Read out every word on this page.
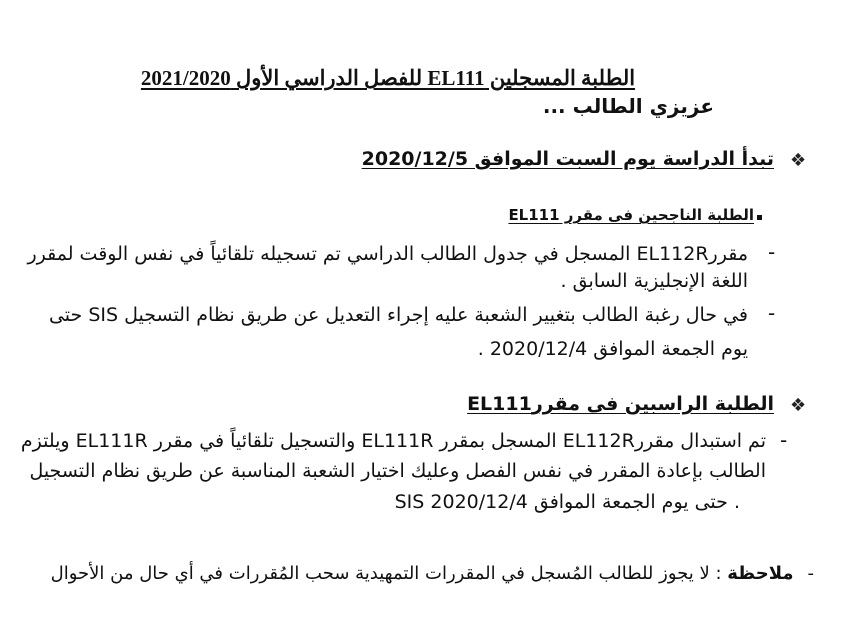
الطلبة المسجلين EL111 للفصل الدراسي الأول 2021/2020
عزيزي الطالب ...
❖
تبدأ الدراسة يوم السبت الموافق 2020/12/5
الطلبة الناجحين فى مقرر EL111
-
مقررEL112R المسجل في جدول الطالب الدراسي تم تسجيله تلقائياً في نفس الوقت لمقرر
اللغة الإنجليزية السابق .
-
في حال رغبة الطالب بتغيير الشعبة عليه إجراء التعديل عن طريق نظام التسجيل SIS حتى
يوم الجمعة الموافق 2020/12/4 .
❖
الطلبة الراسبين فى مقررEL111
-
تم استبدال مقررEL112R المسجل بمقرر EL111R والتسجيل تلقائياً في مقرر EL111R ويلتزم
الطالب بإعادة المقرر في نفس الفصل وعليك اختيار الشعبة المناسبة عن طريق نظام التسجيل
SIS حتى يوم الجمعة الموافق 2020/12/4 .
-ملاحظة : لا يجوز للطالب المُسجل في المقررات التمهيدية سحب المُقررات في أي حال من الأحوال
